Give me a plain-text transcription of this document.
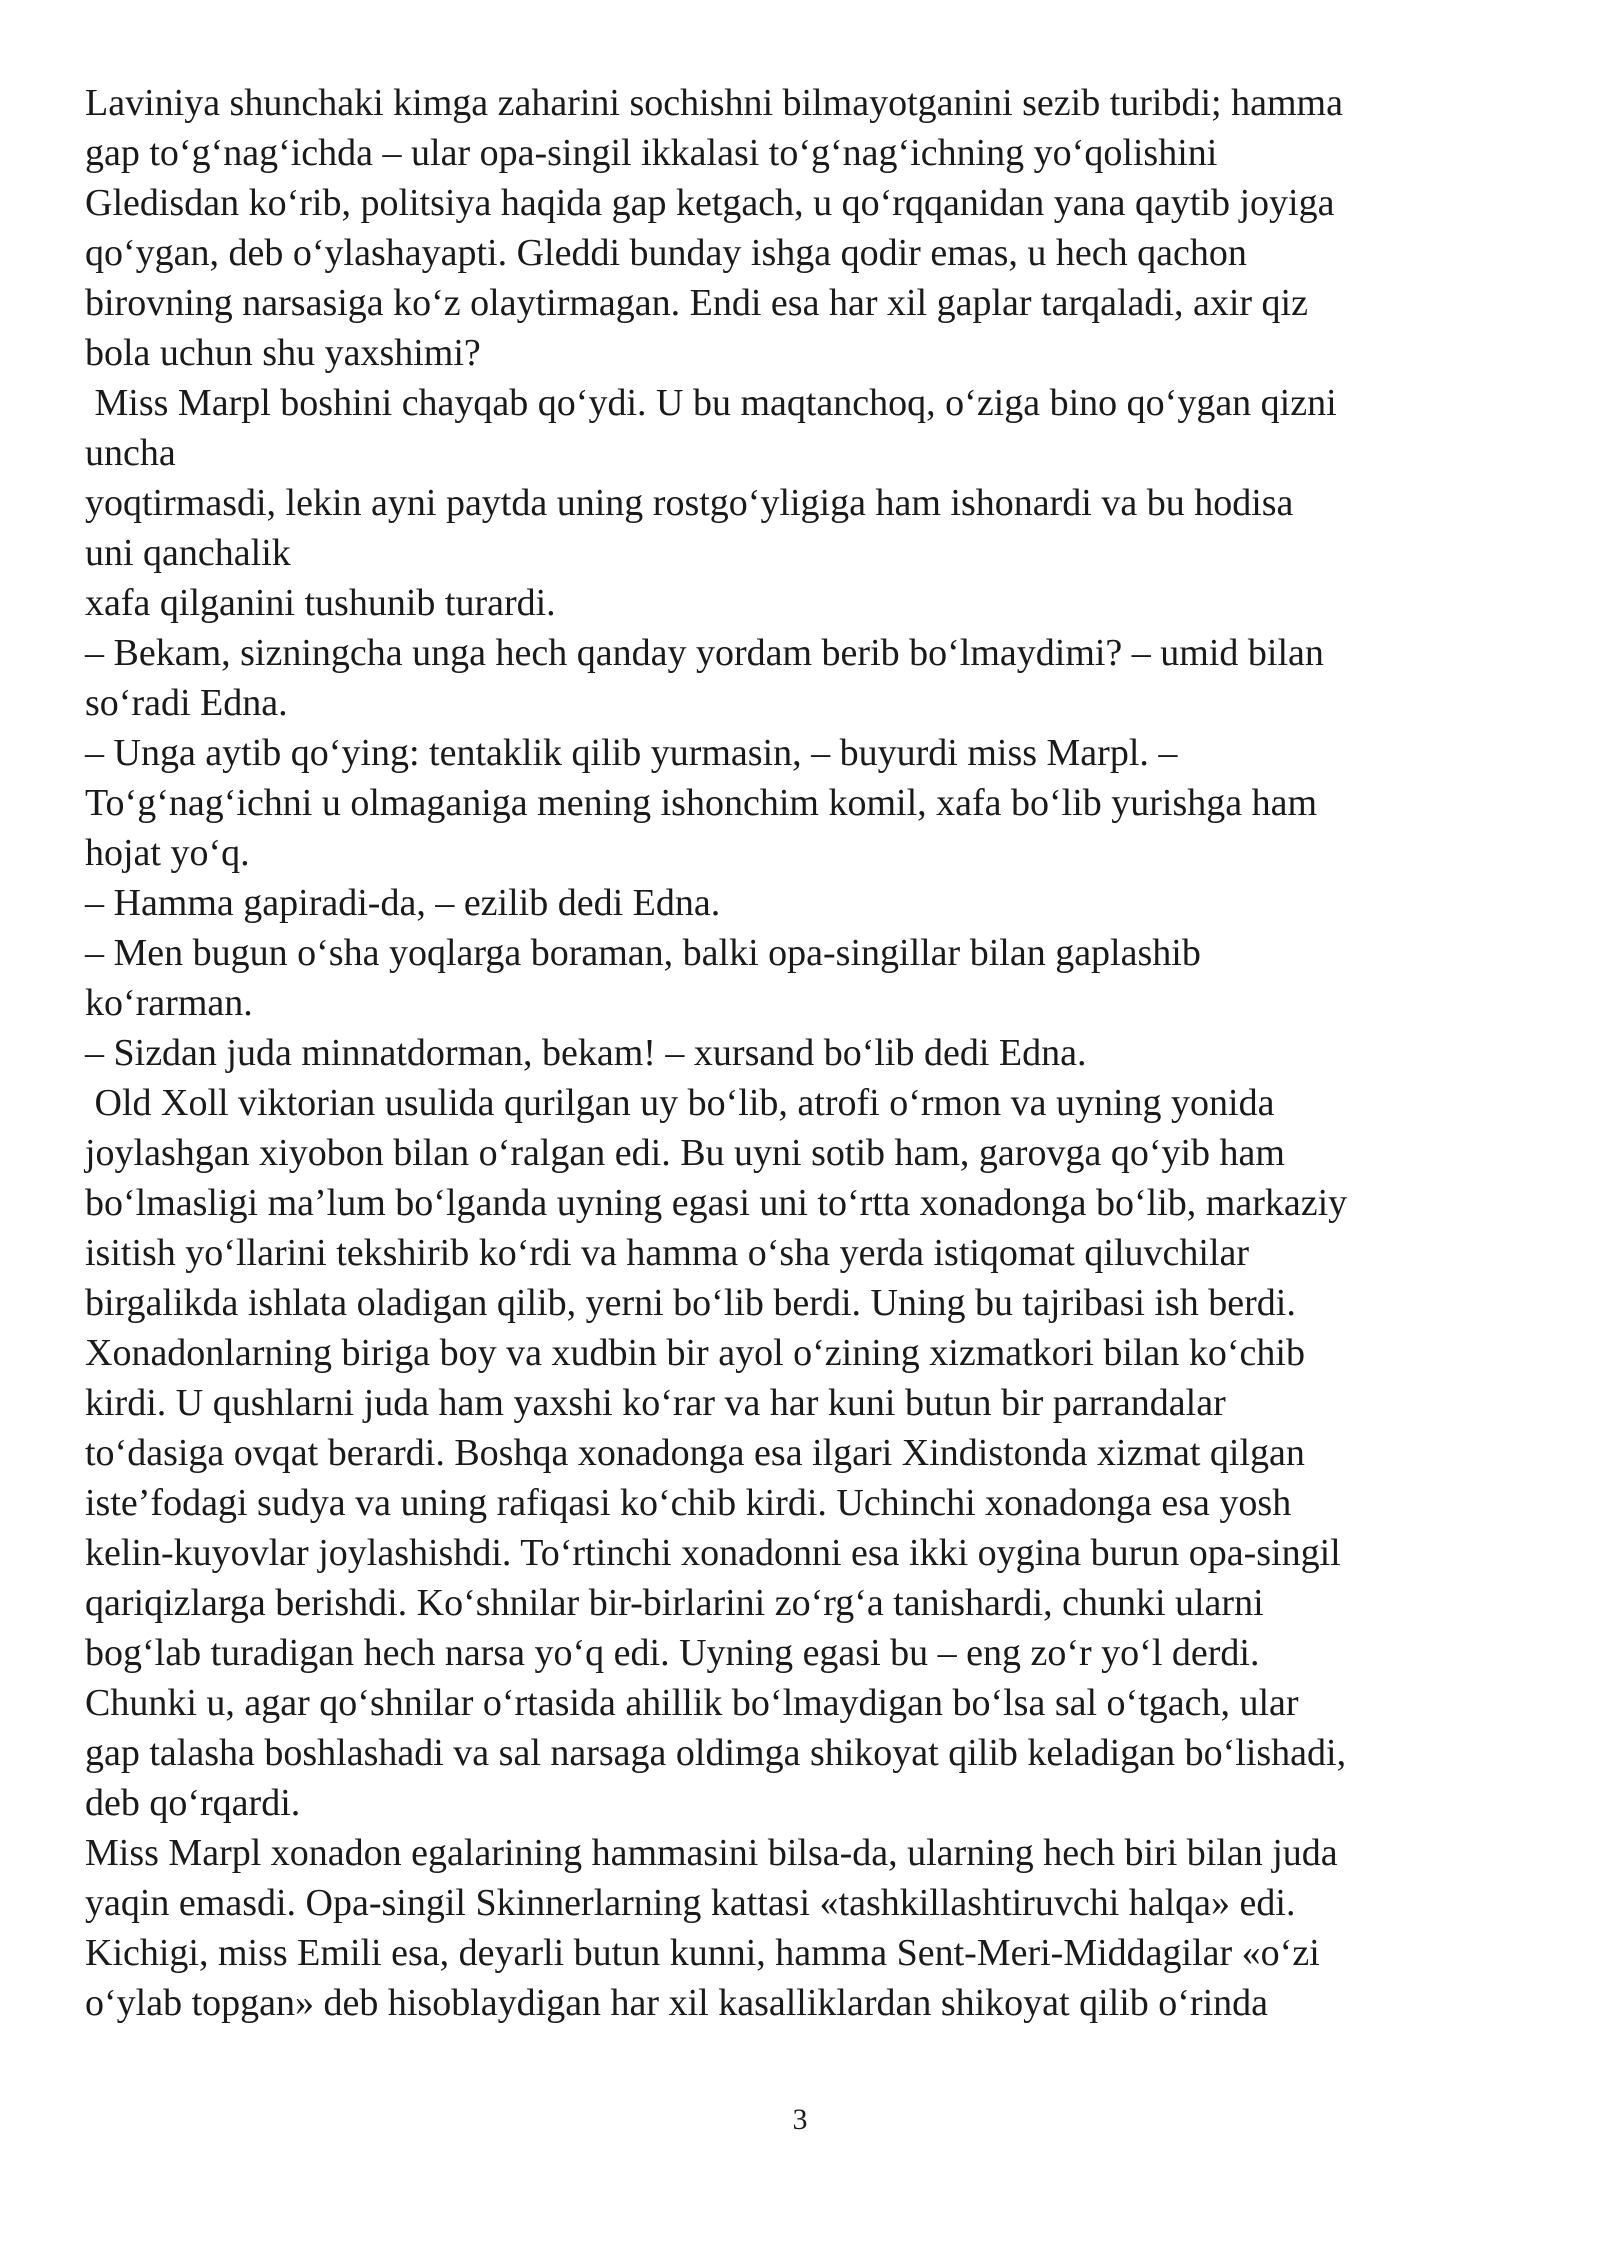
Laviniya shunchaki kimga zaharini sochishni bilmayotganini sezib turibdi; hamma
gap to‘g‘nag‘ichda – ular opa-singil ikkalasi to‘g‘nag‘ichning yo‘qolishini
Gledisdan ko‘rib, politsiya haqida gap ketgach, u qo‘rqqanidan yana qaytib joyiga
qo‘ygan, deb o‘ylashayapti. Gleddi bunday ishga qodir emas, u hech qachon
birovning narsasiga ko‘z olaytirmagan. Endi esa har xil gaplar tarqaladi, axir qiz
bola uchun shu yaxshimi?
Miss Marpl boshini chayqab qo‘ydi. U bu maqtanchoq, o‘ziga bino qo‘ygan qizni
uncha
yoqtirmasdi, lekin ayni paytda uning rostgo‘yligiga ham ishonardi va bu hodisa
uni qanchalik
xafa qilganini tushunib turardi.
– Bekam, sizningcha unga hech qanday yordam berib bo‘lmaydimi? – umid bilan
so‘radi Edna.
– Unga aytib qo‘ying: tentaklik qilib yurmasin, – buyurdi miss Marpl. –
To‘g‘nag‘ichni u olmaganiga mening ishonchim komil, xafa bo‘lib yurishga ham
hojat yo‘q.
– Hamma gapiradi-da, – ezilib dedi Edna.
– Men bugun o‘sha yoqlarga boraman, balki opa-singillar bilan gaplashib
ko‘rarman.
– Sizdan juda minnatdorman, bekam! – xursand bo‘lib dedi Edna.
Old Xoll viktorian usulida qurilgan uy bo‘lib, atrofi o‘rmon va uyning yonida
joylashgan xiyobon bilan o‘ralgan edi. Bu uyni sotib ham, garovga qo‘yib ham
bo‘lmasligi ma’lum bo‘lganda uyning egasi uni to‘rtta xonadonga bo‘lib, markaziy
isitish yo‘llarini tekshirib ko‘rdi va hamma o‘sha yerda istiqomat qiluvchilar
birgalikda ishlata oladigan qilib, yerni bo‘lib berdi. Uning bu tajribasi ish berdi.
Xonadonlarning biriga boy va xudbin bir ayol o‘zining xizmatkori bilan ko‘chib
kirdi. U qushlarni juda ham yaxshi ko‘rar va har kuni butun bir parrandalar
to‘dasiga ovqat berardi. Boshqa xonadonga esa ilgari Xindistonda xizmat qilgan
iste’fodagi sudya va uning rafiqasi ko‘chib kirdi. Uchinchi xonadonga esa yosh
kelin-kuyovlar joylashishdi. To‘rtinchi xonadonni esa ikki oygina burun opa-singil
qariqizlarga berishdi. Ko‘shnilar bir-birlarini zo‘rg‘a tanishardi, chunki ularni
bog‘lab turadigan hech narsa yo‘q edi. Uyning egasi bu – eng zo‘r yo‘l derdi.
Chunki u, agar qo‘shnilar o‘rtasida ahillik bo‘lmaydigan bo‘lsa sal o‘tgach, ular
gap talasha boshlashadi va sal narsaga oldimga shikoyat qilib keladigan bo‘lishadi,
deb qo‘rqardi.
Miss Marpl xonadon egalarining hammasini bilsa-da, ularning hech biri bilan juda
yaqin emasdi. Opa-singil Skinnerlarning kattasi «tashkillashtiruvchi halqa» edi.
Kichigi, miss Emili esa, deyarli butun kunni, hamma Sent-Meri-Middagilar «o‘zi
o‘ylab topgan» deb hisoblaydigan har xil kasalliklardan shikoyat qilib o‘rinda
3
